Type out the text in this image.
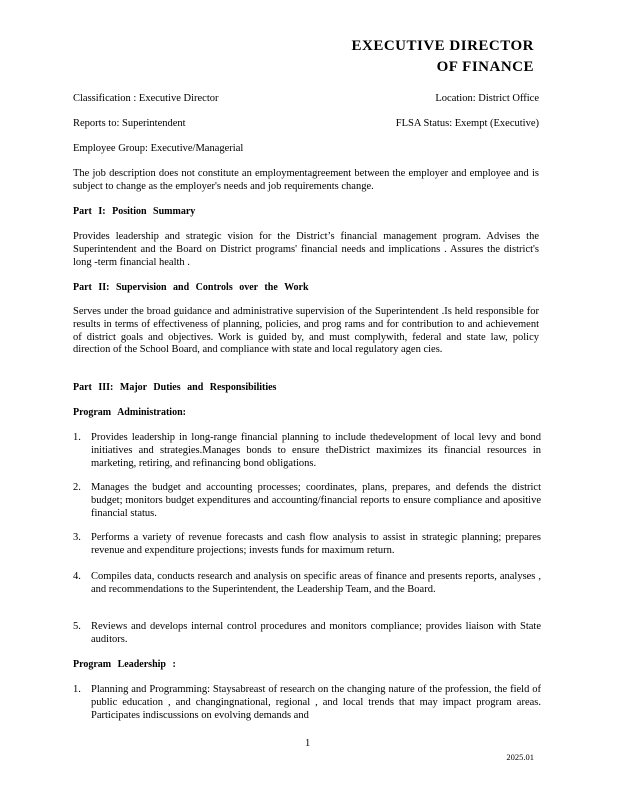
EXECUTIVE DIRECTOR
OF FINANCE
Classification : Executive Director	Location: District Office
Reports to: Superintendent	FLSA Status: Exempt (Executive)
Employee Group: Executive/Managerial
The job description does not constitute an employmentagreement between the employer and employee and is subject to change as the employer's needs and job requirements change.
Part I: Position Summary
Provides leadership and strategic vision for the District’s financial management program. Advises the Superintendent and the Board on District programs' financial needs and implications . Assures the district's long -term financial health .
Part II: Supervision and Controls over the Work
Serves under the broad guidance and administrative supervision of the Superintendent .Is held responsible for results in terms of effectiveness of planning, policies, and prog rams and for contribution to and achievement of district goals and objectives. Work is guided by, and must complywith, federal and state law, policy direction of the School Board, and compliance with state and local regulatory agen cies.
Part III: Major Duties and Responsibilities
Program Administration:
1. Provides leadership in long-range financial planning to include thedevelopment of local levy and bond initiatives and strategies.Manages bonds to ensure theDistrict maximizes its financial resources in marketing, retiring, and refinancing bond obligations.
2. Manages the budget and accounting processes; coordinates, plans, prepares, and defends the district budget; monitors budget expenditures and accounting/financial reports to ensure compliance and apositive financial status.
3. Performs a variety of revenue forecasts and cash flow analysis to assist in strategic planning; prepares revenue and expenditure projections; invests funds for maximum return.
4. Compiles data, conducts research and analysis on specific areas of finance and presents reports, analyses , and recommendations to the Superintendent, the Leadership Team, and the Board.
5. Reviews and develops internal control procedures and monitors compliance; provides liaison with State auditors.
Program Leadership :
1. Planning and Programming: Staysabreast of research on the changing nature of the profession, the field of public education , and changingnational, regional , and local trends that may impact program areas. Participates indiscussions on evolving demands and
1
2025.01
